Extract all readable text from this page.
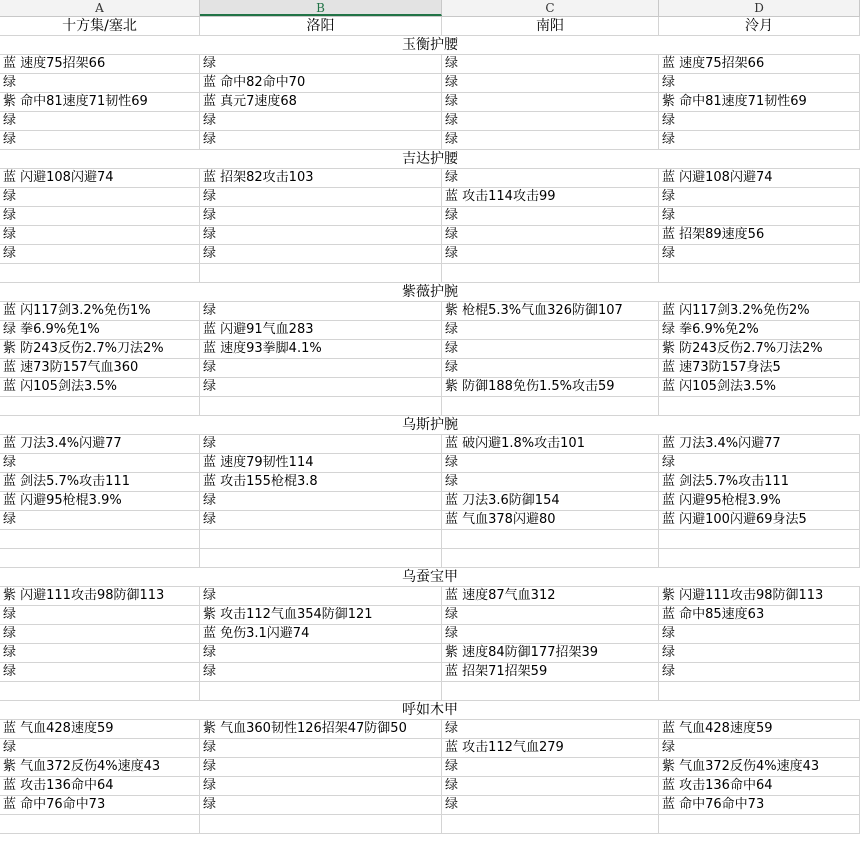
A	B	C	D
十方集/塞北	洛阳	南阳	泠月
玉衡护腰
蓝 速度75招架66	绿	绿	蓝 速度75招架66
绿	蓝 命中82命中70	绿	绿
紫 命中81速度71韧性69	蓝 真元7速度68	绿	紫 命中81速度71韧性69
绿	绿	绿	绿
绿	绿	绿	绿
吉达护腰
蓝 闪避108闪避74	蓝 招架82攻击103	绿	蓝 闪避108闪避74
绿	绿	蓝 攻击114攻击99	绿
绿	绿	绿	绿
绿	绿	绿	蓝 招架89速度56
绿	绿	绿	绿
紫薇护腕
蓝 闪117剑3.2%免伤1%	绿	紫 枪棍5.3%气血326防御107	蓝 闪117剑3.2%免伤2%
绿 拳6.9%免1%	蓝 闪避91气血283	绿	绿 拳6.9%免2%
紫 防243反伤2.7%刀法2%	蓝 速度93拳脚4.1%	绿	紫 防243反伤2.7%刀法2%
蓝 速73防157气血360	绿	绿	蓝 速73防157身法5
蓝 闪105剑法3.5%	绿	紫 防御188免伤1.5%攻击59	蓝 闪105剑法3.5%
乌斯护腕
蓝 刀法3.4%闪避77	绿	蓝 破闪避1.8%攻击101	蓝 刀法3.4%闪避77
绿	蓝 速度79韧性114	绿	绿
蓝 剑法5.7%攻击111	蓝 攻击155枪棍3.8	绿	蓝 剑法5.7%攻击111
蓝 闪避95枪棍3.9%	绿	蓝 刀法3.6防御154	蓝 闪避95枪棍3.9%
绿	绿	蓝 气血378闪避80	蓝 闪避100闪避69身法5
乌蚕宝甲
紫 闪避111攻击98防御113	绿	蓝 速度87气血312	紫 闪避111攻击98防御113
绿	紫 攻击112气血354防御121	绿	蓝 命中85速度63
绿	蓝 免伤3.1闪避74	绿	绿
绿	绿	紫 速度84防御177招架39	绿
绿	绿	蓝 招架71招架59	绿
呼如木甲
蓝 气血428速度59	紫 气血360韧性126招架47防御50	绿	蓝 气血428速度59
绿	绿	蓝 攻击112气血279	绿
紫 气血372反伤4%速度43	绿	绿	紫 气血372反伤4%速度43
蓝 攻击136命中64	绿	绿	蓝 攻击136命中64
蓝 命中76命中73	绿	绿	蓝 命中76命中73
